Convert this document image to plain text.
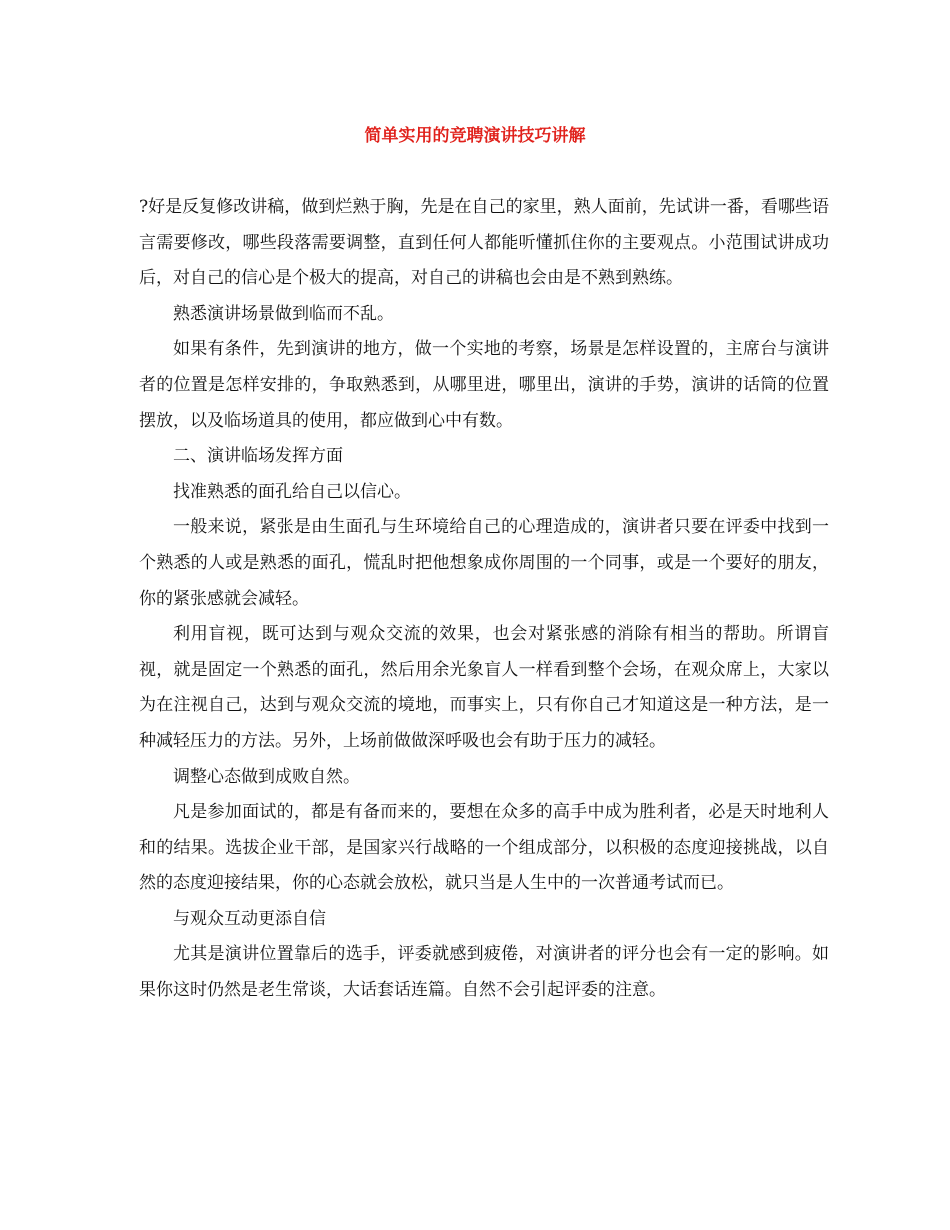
简单实用的竞聘演讲技巧讲解

?好是反复修改讲稿，做到烂熟于胸，先是在自己的家里，熟人面前，先试讲一番，看哪些语言需要修改，哪些段落需要调整，直到任何人都能听懂抓住你的主要观点。小范围试讲成功后，对自己的信心是个极大的提高，对自己的讲稿也会由是不熟到熟练。

熟悉演讲场景做到临而不乱。

如果有条件，先到演讲的地方，做一个实地的考察，场景是怎样设置的，主席台与演讲者的位置是怎样安排的，争取熟悉到，从哪里进，哪里出，演讲的手势，演讲的话筒的位置摆放，以及临场道具的使用，都应做到心中有数。

二、演讲临场发挥方面

找准熟悉的面孔给自己以信心。

一般来说，紧张是由生面孔与生环境给自己的心理造成的，演讲者只要在评委中找到一个熟悉的人或是熟悉的面孔，慌乱时把他想象成你周围的一个同事，或是一个要好的朋友，你的紧张感就会减轻。

利用盲视，既可达到与观众交流的效果，也会对紧张感的消除有相当的帮助。所谓盲视，就是固定一个熟悉的面孔，然后用余光象盲人一样看到整个会场，在观众席上，大家以为在注视自己，达到与观众交流的境地，而事实上，只有你自己才知道这是一种方法，是一种减轻压力的方法。另外，上场前做做深呼吸也会有助于压力的减轻。

调整心态做到成败自然。

凡是参加面试的，都是有备而来的，要想在众多的高手中成为胜利者，必是天时地利人和的结果。选拔企业干部，是国家兴行战略的一个组成部分，以积极的态度迎接挑战，以自然的态度迎接结果，你的心态就会放松，就只当是人生中的一次普通考试而已。

与观众互动更添自信

尤其是演讲位置靠后的选手，评委就感到疲倦，对演讲者的评分也会有一定的影响。如果你这时仍然是老生常谈，大话套话连篇。自然不会引起评委的注意。
